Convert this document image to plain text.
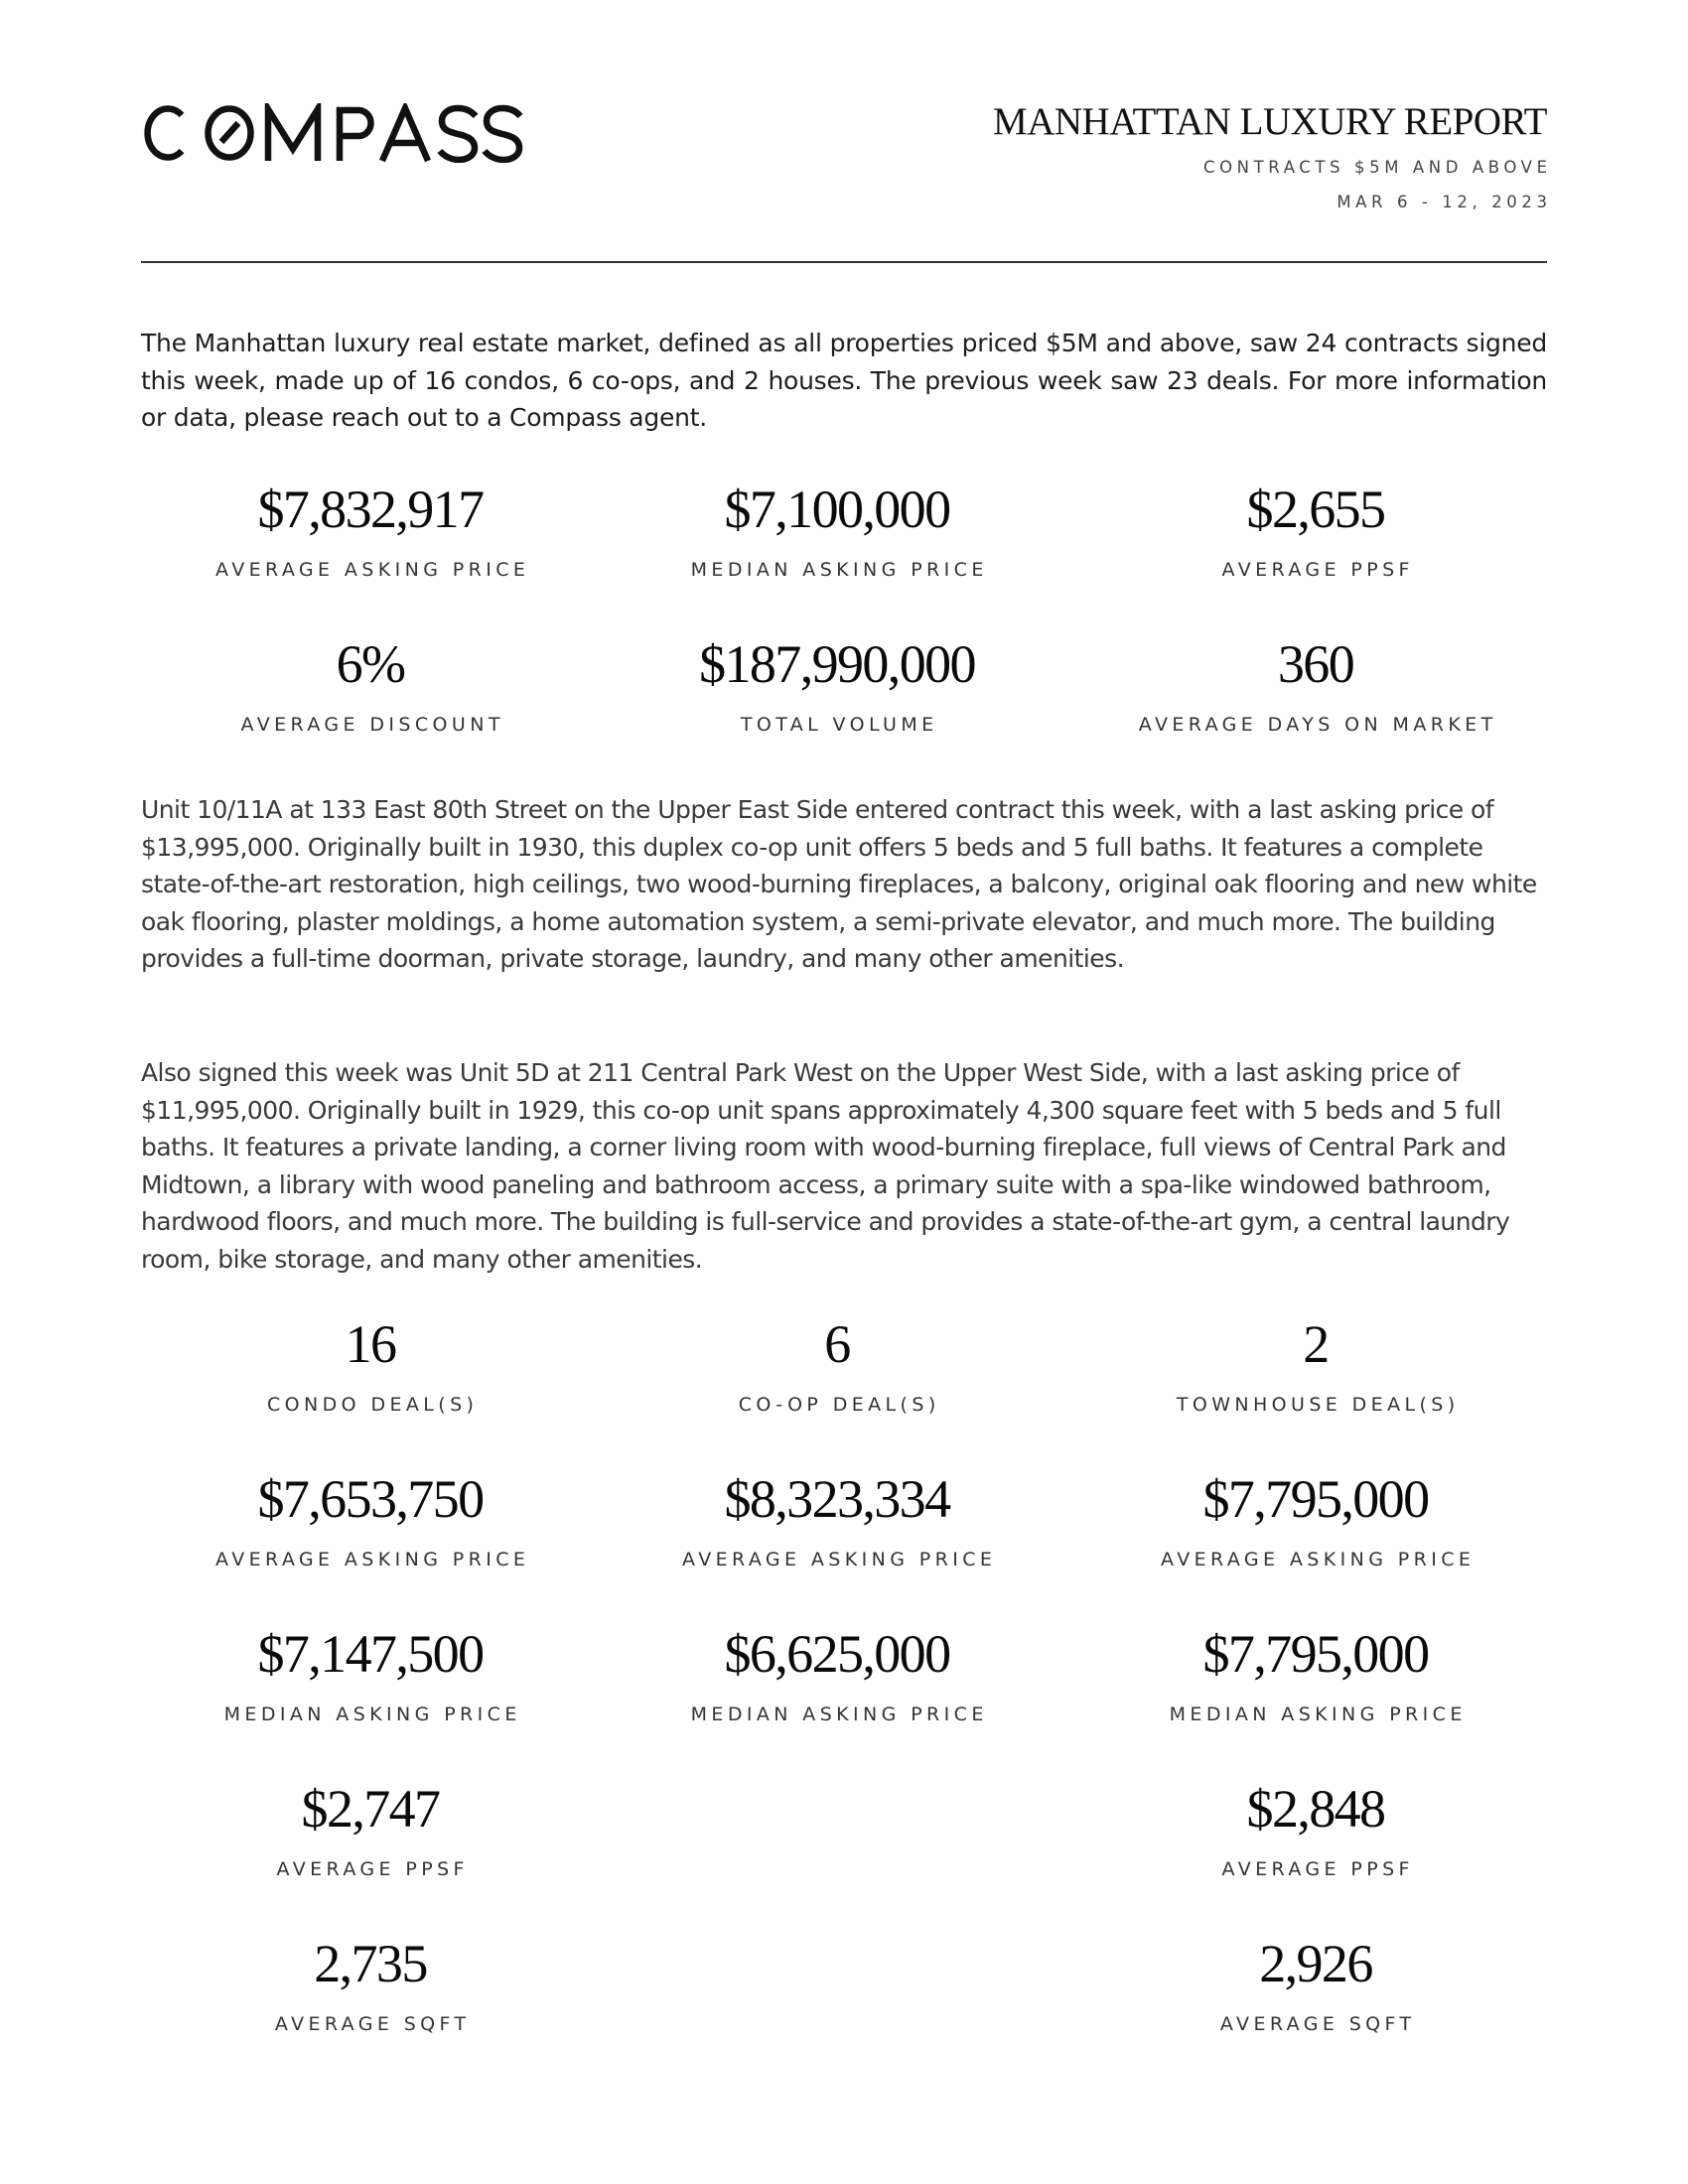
MANHATTAN LUXURY REPORT
CONTRACTS $5M AND ABOVE
MAR 6 - 12, 2023

The Manhattan luxury real estate market, defined as all properties priced $5M and above, saw 24 contracts signed this week, made up of 16 condos, 6 co-ops, and 2 houses. The previous week saw 23 deals. For more information or data, please reach out to a Compass agent.

$7,832,917
AVERAGE ASKING PRICE
$7,100,000
MEDIAN ASKING PRICE
$2,655
AVERAGE PPSF
6%
AVERAGE DISCOUNT
$187,990,000
TOTAL VOLUME
360
AVERAGE DAYS ON MARKET

Unit 10/11A at 133 East 80th Street on the Upper East Side entered contract this week, with a last asking price of $13,995,000. Originally built in 1930, this duplex co-op unit offers 5 beds and 5 full baths. It features a complete state-of-the-art restoration, high ceilings, two wood-burning fireplaces, a balcony, original oak flooring and new white oak flooring, plaster moldings, a home automation system, a semi-private elevator, and much more. The building provides a full-time doorman, private storage, laundry, and many other amenities.

Also signed this week was Unit 5D at 211 Central Park West on the Upper West Side, with a last asking price of $11,995,000. Originally built in 1929, this co-op unit spans approximately 4,300 square feet with 5 beds and 5 full baths. It features a private landing, a corner living room with wood-burning fireplace, full views of Central Park and Midtown, a library with wood paneling and bathroom access, a primary suite with a spa-like windowed bathroom, hardwood floors, and much more. The building is full-service and provides a state-of-the-art gym, a central laundry room, bike storage, and many other amenities.

16
CONDO DEAL(S)
$7,653,750
AVERAGE ASKING PRICE
$7,147,500
MEDIAN ASKING PRICE
$2,747
AVERAGE PPSF
2,735
AVERAGE SQFT
6
CO-OP DEAL(S)
$8,323,334
AVERAGE ASKING PRICE
$6,625,000
MEDIAN ASKING PRICE
2
TOWNHOUSE DEAL(S)
$7,795,000
AVERAGE ASKING PRICE
$7,795,000
MEDIAN ASKING PRICE
$2,848
AVERAGE PPSF
2,926
AVERAGE SQFT
